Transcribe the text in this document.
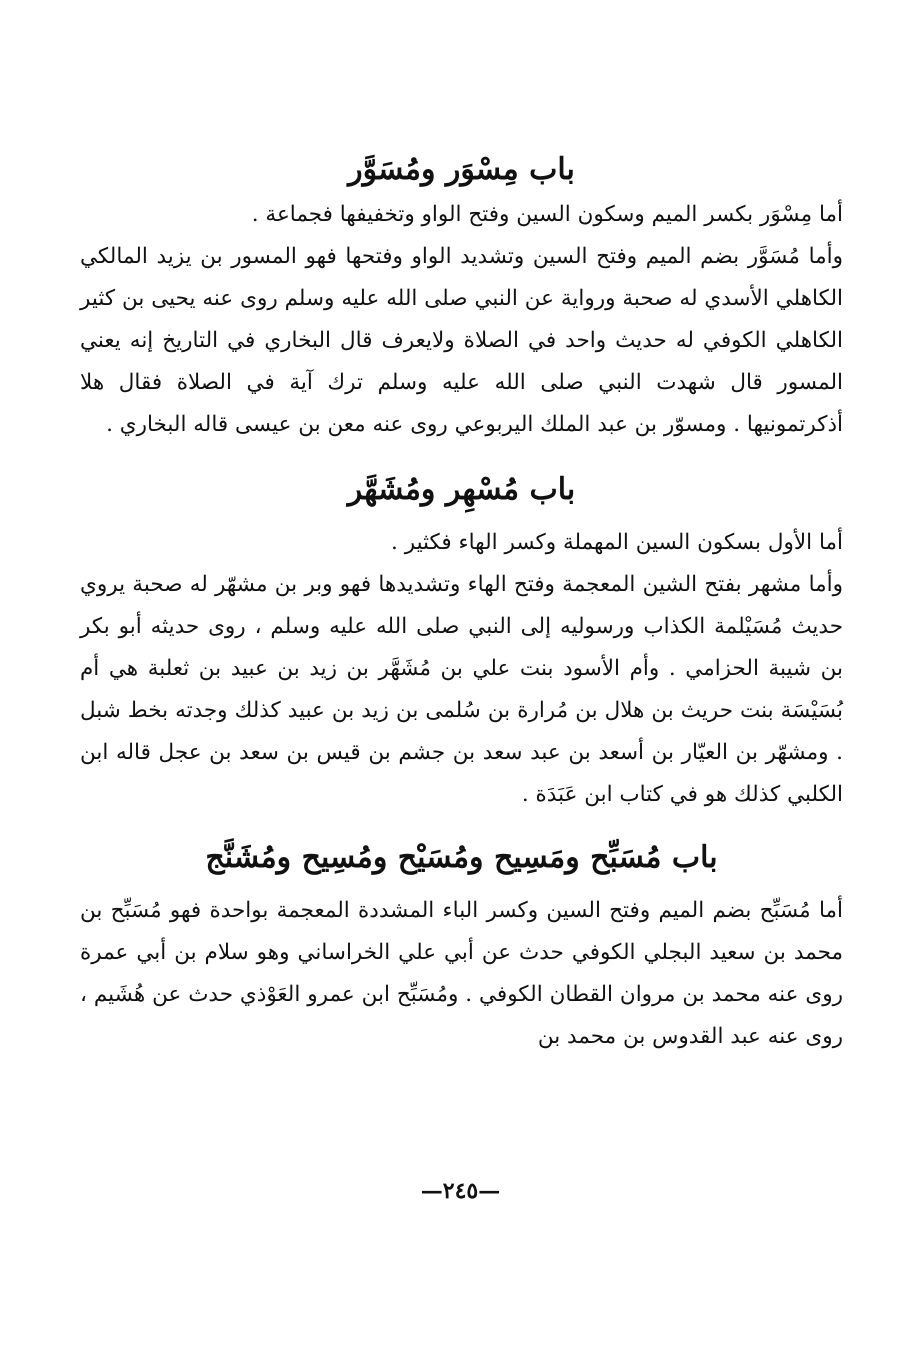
باب مِسْوَر ومُسَوَّر

أما مِسْوَر بكسر الميم وسكون السين وفتح الواو وتخفيفها فجماعة .

وأما مُسَوَّر بضم الميم وفتح السين وتشديد الواو وفتحها فهو المسور بن يزيد المالكي الكاهلي الأسدي له صحبة ورواية عن النبي صلى الله عليه وسلم روى عنه يحيى بن كثير الكاهلي الكوفي له حديث واحد في الصلاة ولايعرف قال البخاري في التاريخ إنه يعني المسور قال شهدت النبي صلى الله عليه وسلم ترك آية في الصلاة فقال هلا أذكرتمونيها . ومسوّر بن عبد الملك اليربوعي روى عنه معن بن عيسى قاله البخاري .

باب مُسْهِر ومُشَهَّر

أما الأول بسكون السين المهملة وكسر الهاء فكثير .

وأما مشهر بفتح الشين المعجمة وفتح الهاء وتشديدها فهو وبر بن مشهّر له صحبة يروي حديث مُسَيْلمة الكذاب ورسوليه إلى النبي صلى الله عليه وسلم ، روى حديثه أبو بكر بن شيبة الحزامي . وأم الأسود بنت علي بن مُشَهَّر بن زيد بن عبيد بن ثعلبة هي أم بُسَيْسَة بنت حريث بن هلال بن مُرارة بن سُلمى بن زيد بن عبيد كذلك وجدته بخط شبل . ومشهّر بن العيّار بن أسعد بن عبد سعد بن جشم بن قيس بن سعد بن عجل قاله ابن الكلبي كذلك هو في كتاب ابن عَبَدَة .

باب مُسَبِّح ومَسِيح ومُسَيْح ومُسِيح ومُشَنَّج

أما مُسَبِّح بضم الميم وفتح السين وكسر الباء المشددة المعجمة بواحدة فهو مُسَبِّح بن محمد بن سعيد البجلي الكوفي حدث عن أبي علي الخراساني وهو سلام بن أبي عمرة روى عنه محمد بن مروان القطان الكوفي . ومُسَبِّح ابن عمرو العَوْذي حدث عن هُشَيم ، روى عنه عبد القدوس بن محمد بن

—٢٤٥—
